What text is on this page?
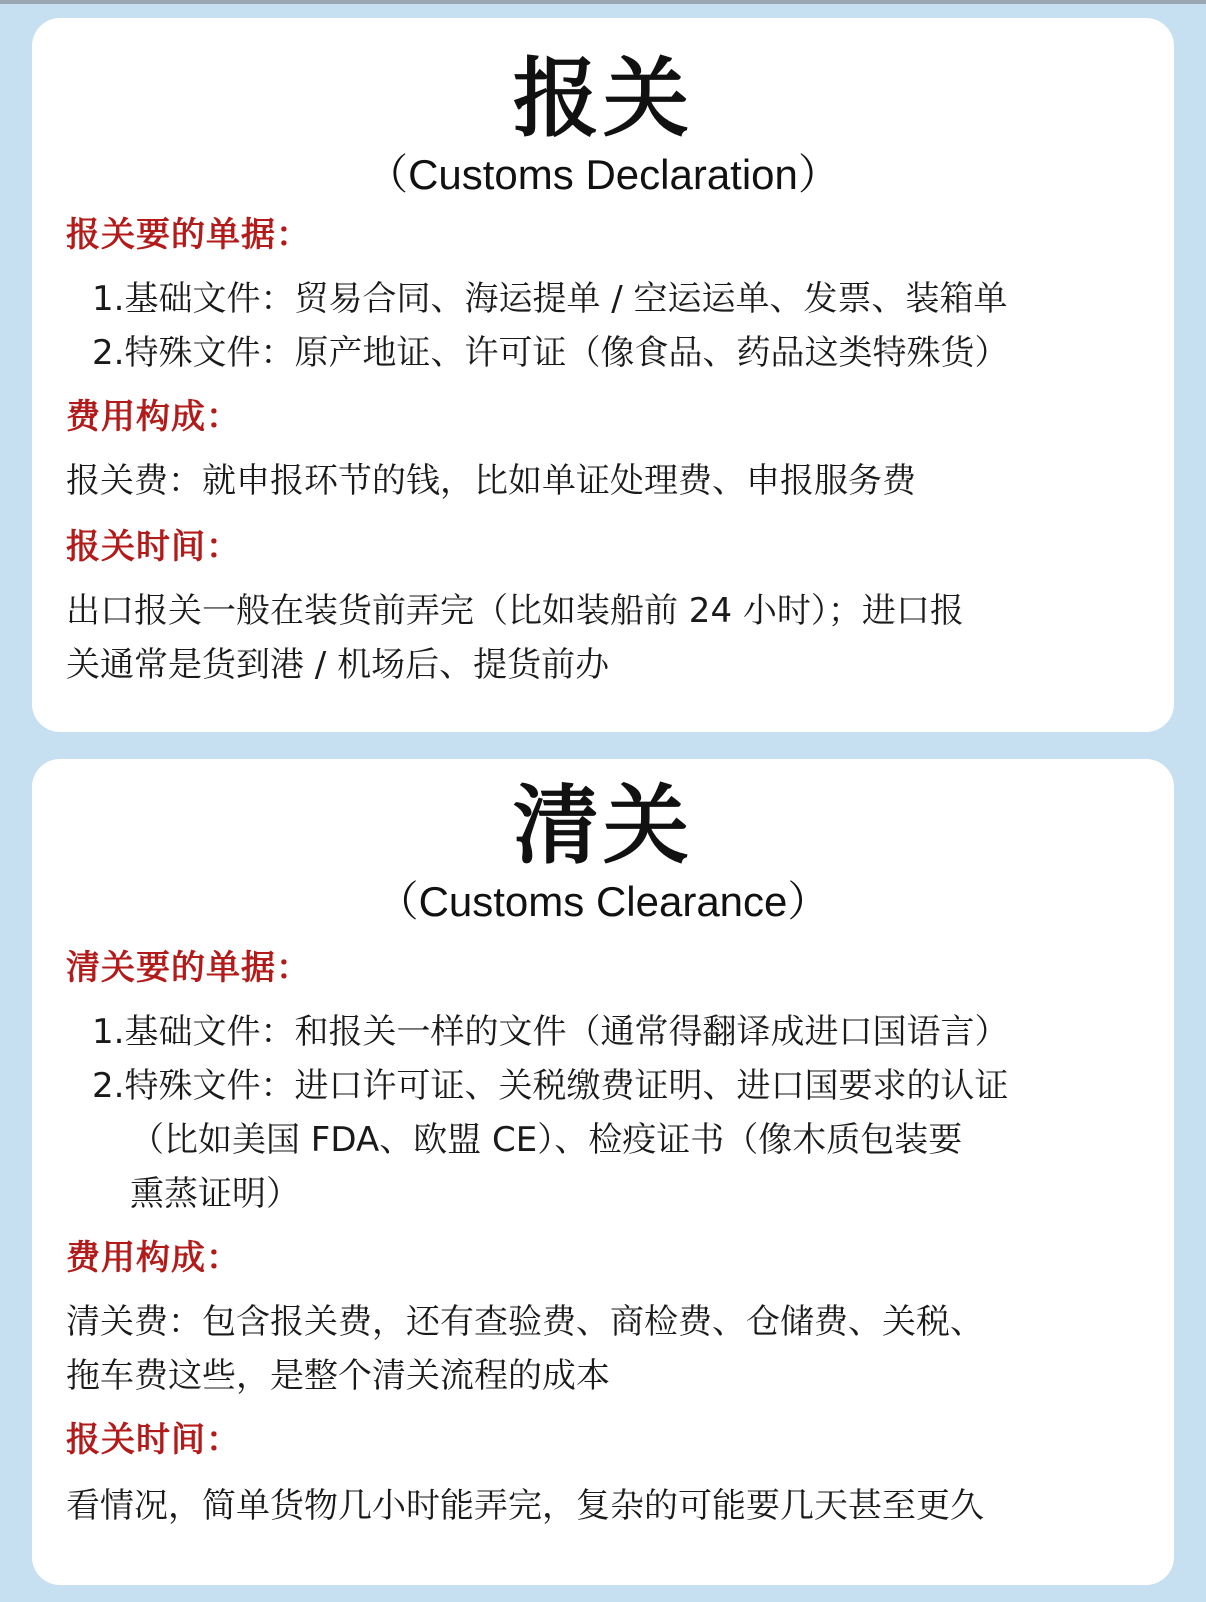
报关
（Customs Declaration）
报关要的单据：
1.基础文件：贸易合同、海运提单 / 空运运单、发票、装箱单
2.特殊文件：原产地证、许可证（像食品、药品这类特殊货）
费用构成：
报关费：就申报环节的钱，比如单证处理费、申报服务费
报关时间：
出口报关一般在装货前弄完（比如装船前 24 小时）；进口报
关通常是货到港 / 机场后、提货前办
清关
（Customs Clearance）
清关要的单据：
1.基础文件：和报关一样的文件（通常得翻译成进口国语言）
2.特殊文件：进口许可证、关税缴费证明、进口国要求的认证
（比如美国 FDA、欧盟 CE）、检疫证书（像木质包装要
熏蒸证明）
费用构成：
清关费：包含报关费，还有查验费、商检费、仓储费、关税、
拖车费这些，是整个清关流程的成本
报关时间：
看情况，简单货物几小时能弄完，复杂的可能要几天甚至更久
